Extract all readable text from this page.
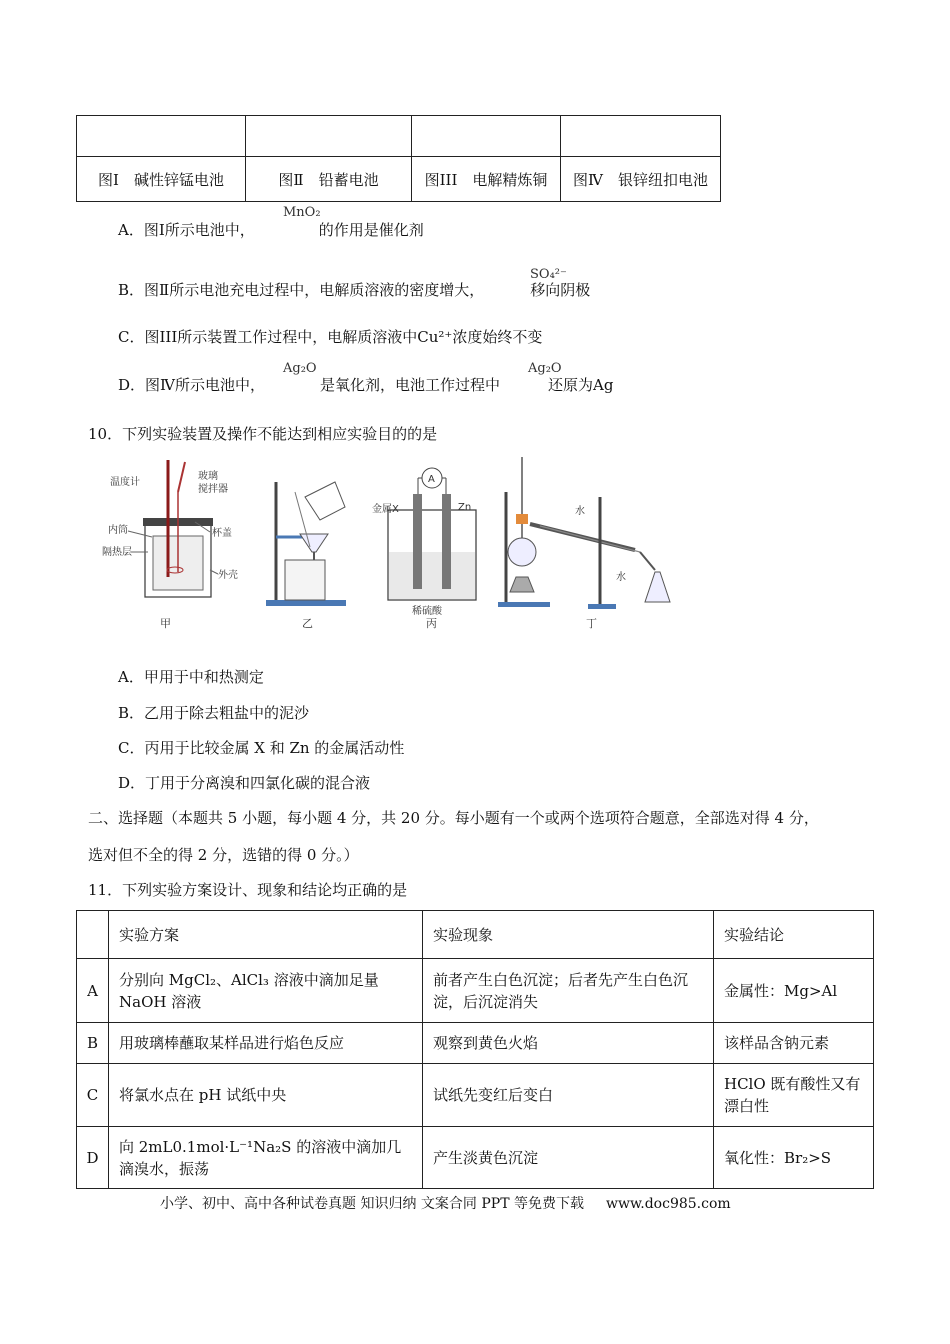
图Ⅰ　碱性锌锰电池	图Ⅱ　铅蓄电池	图III　电解精炼铜	图Ⅳ　银锌纽扣电池
A．图Ⅰ所示电池中，	的作用是催化剂
MnO₂
B．图Ⅱ所示电池充电过程中，电解质溶液的密度增大，	移向阴极
SO₄²⁻
C．图III所示装置工作过程中，电解质溶液中Cu²⁺浓度始终不变
D．图Ⅳ所示电池中，	是氧化剂，电池工作过程中	还原为Ag
Ag₂O	Ag₂O
10．下列实验装置及操作不能达到相应实验目的的是
温度计
玻璃
搅拌器
内筒	杯盖
隔热层
外壳
甲	乙
A
金属X	Zn
稀硫酸
丙
水
水
丁
A．甲用于中和热测定
B．乙用于除去粗盐中的泥沙
C．丙用于比较金属 X 和 Zn 的金属活动性
D．丁用于分离溴和四氯化碳的混合液
二、选择题（本题共 5 小题，每小题 4 分，共 20 分。每小题有一个或两个选项符合题意，全部选对得 4 分，
选对但不全的得 2 分，选错的得 0 分。）
11．下列实验方案设计、现象和结论均正确的是
	实验方案	实验现象	实验结论
A	分别向 MgCl₂、AlCl₃ 溶液中滴加足量 NaOH 溶液	前者产生白色沉淀；后者先产生白色沉淀，后沉淀消失	金属性：Mg>Al
B	用玻璃棒蘸取某样品进行焰色反应	观察到黄色火焰	该样品含钠元素
C	将氯水点在 pH 试纸中央	试纸先变红后变白	HClO 既有酸性又有漂白性
D	向 2mL0.1mol·L⁻¹Na₂S 的溶液中滴加几滴溴水，振荡	产生淡黄色沉淀	氧化性：Br₂>S
小学、初中、高中各种试卷真题 知识归纳 文案合同 PPT 等免费下载 www.doc985.com
